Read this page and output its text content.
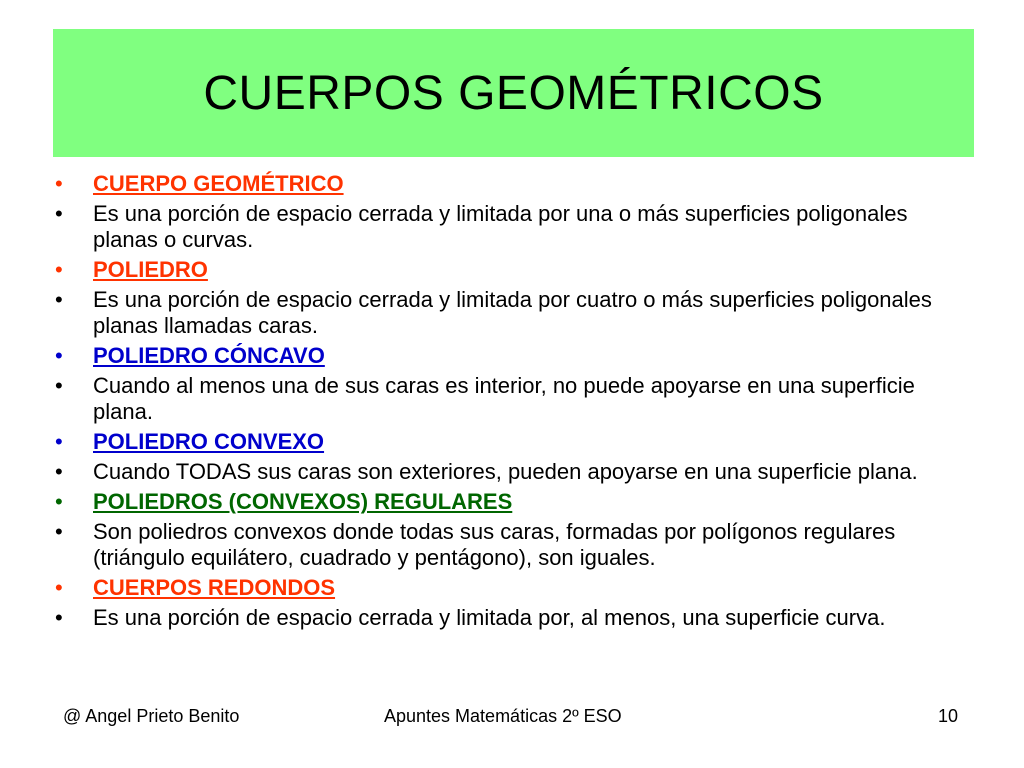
CUERPOS GEOMÉTRICOS
•	CUERPO GEOMÉTRICO
•	Es una porción de espacio cerrada y limitada por una o más superficies poligonales planas o curvas.
•	POLIEDRO
•	Es una porción de espacio cerrada y limitada por cuatro o más superficies poligonales planas llamadas caras.
•	POLIEDRO CÓNCAVO
•	Cuando al menos una de sus caras es interior, no puede apoyarse en una superficie plana.
•	POLIEDRO CONVEXO
•	Cuando TODAS sus caras son exteriores, pueden apoyarse en una superficie plana.
•	POLIEDROS (CONVEXOS) REGULARES
•	Son poliedros convexos donde todas sus caras, formadas por polígonos regulares (triángulo equilátero, cuadrado y pentágono), son iguales.
•	CUERPOS REDONDOS
•	Es una porción de espacio cerrada y limitada por, al menos, una superficie curva.
@ Angel Prieto Benito	Apuntes Matemáticas 2º ESO	10
